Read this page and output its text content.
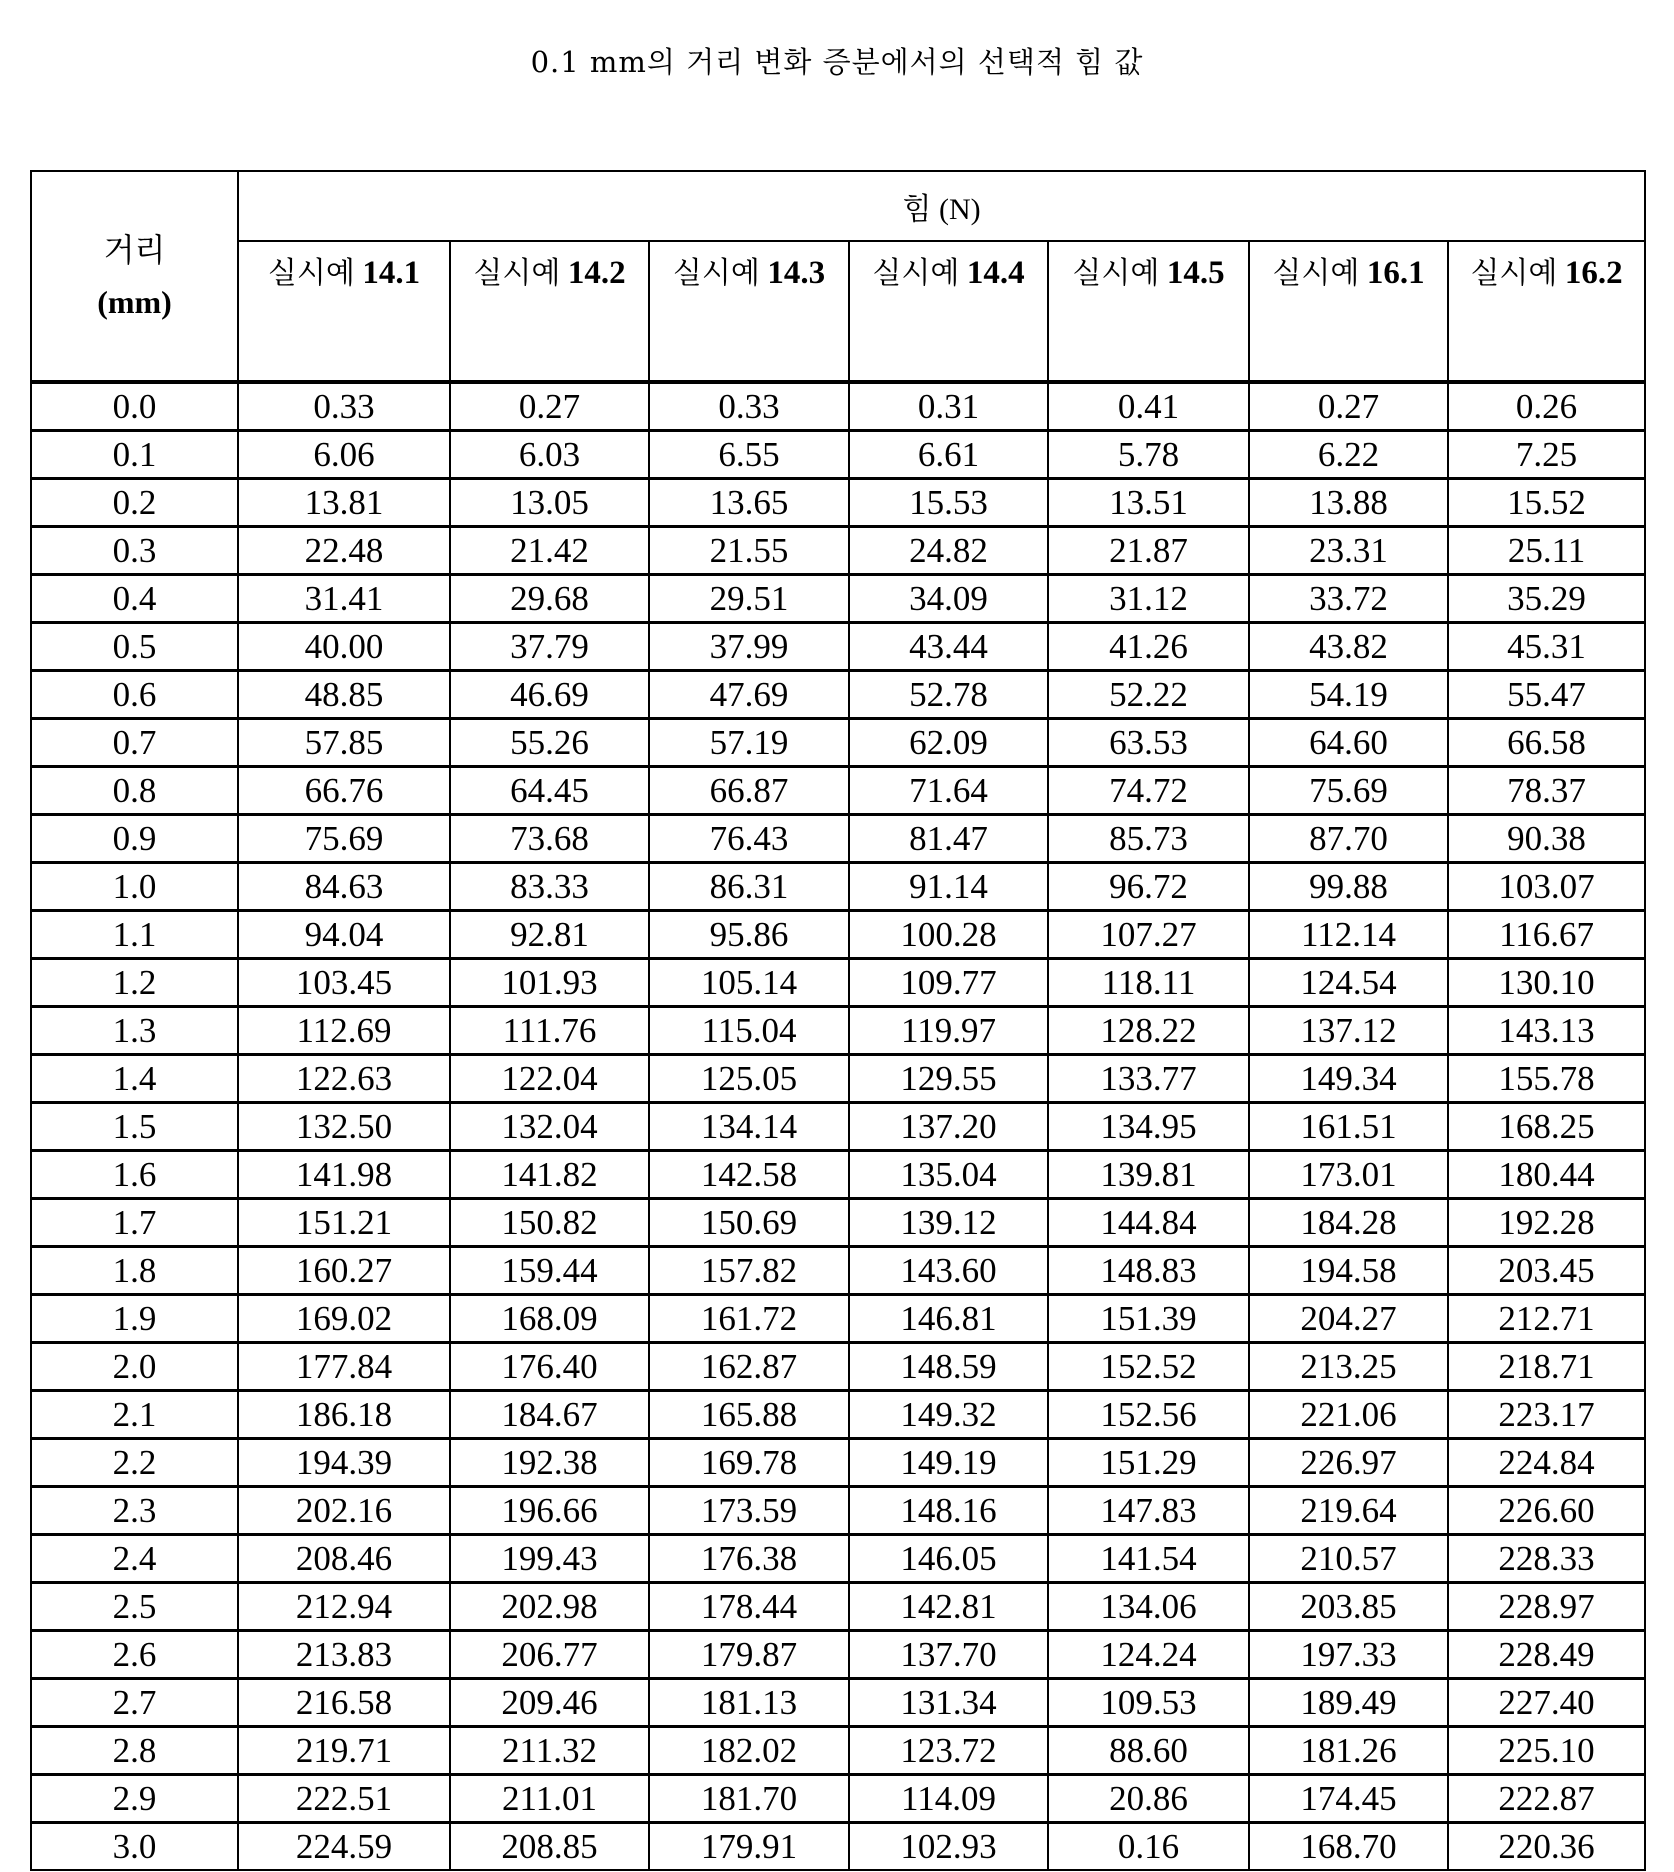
0.1 mm의 거리 변화 증분에서의 선택적 힘 값
거리
(mm)	힘 (N)
실시예 14.1	실시예 14.2	실시예 14.3	실시예 14.4	실시예 14.5	실시예 16.1	실시예 16.2
0.0	0.33	0.27	0.33	0.31	0.41	0.27	0.26
0.1	6.06	6.03	6.55	6.61	5.78	6.22	7.25
0.2	13.81	13.05	13.65	15.53	13.51	13.88	15.52
0.3	22.48	21.42	21.55	24.82	21.87	23.31	25.11
0.4	31.41	29.68	29.51	34.09	31.12	33.72	35.29
0.5	40.00	37.79	37.99	43.44	41.26	43.82	45.31
0.6	48.85	46.69	47.69	52.78	52.22	54.19	55.47
0.7	57.85	55.26	57.19	62.09	63.53	64.60	66.58
0.8	66.76	64.45	66.87	71.64	74.72	75.69	78.37
0.9	75.69	73.68	76.43	81.47	85.73	87.70	90.38
1.0	84.63	83.33	86.31	91.14	96.72	99.88	103.07
1.1	94.04	92.81	95.86	100.28	107.27	112.14	116.67
1.2	103.45	101.93	105.14	109.77	118.11	124.54	130.10
1.3	112.69	111.76	115.04	119.97	128.22	137.12	143.13
1.4	122.63	122.04	125.05	129.55	133.77	149.34	155.78
1.5	132.50	132.04	134.14	137.20	134.95	161.51	168.25
1.6	141.98	141.82	142.58	135.04	139.81	173.01	180.44
1.7	151.21	150.82	150.69	139.12	144.84	184.28	192.28
1.8	160.27	159.44	157.82	143.60	148.83	194.58	203.45
1.9	169.02	168.09	161.72	146.81	151.39	204.27	212.71
2.0	177.84	176.40	162.87	148.59	152.52	213.25	218.71
2.1	186.18	184.67	165.88	149.32	152.56	221.06	223.17
2.2	194.39	192.38	169.78	149.19	151.29	226.97	224.84
2.3	202.16	196.66	173.59	148.16	147.83	219.64	226.60
2.4	208.46	199.43	176.38	146.05	141.54	210.57	228.33
2.5	212.94	202.98	178.44	142.81	134.06	203.85	228.97
2.6	213.83	206.77	179.87	137.70	124.24	197.33	228.49
2.7	216.58	209.46	181.13	131.34	109.53	189.49	227.40
2.8	219.71	211.32	182.02	123.72	88.60	181.26	225.10
2.9	222.51	211.01	181.70	114.09	20.86	174.45	222.87
3.0	224.59	208.85	179.91	102.93	0.16	168.70	220.36
